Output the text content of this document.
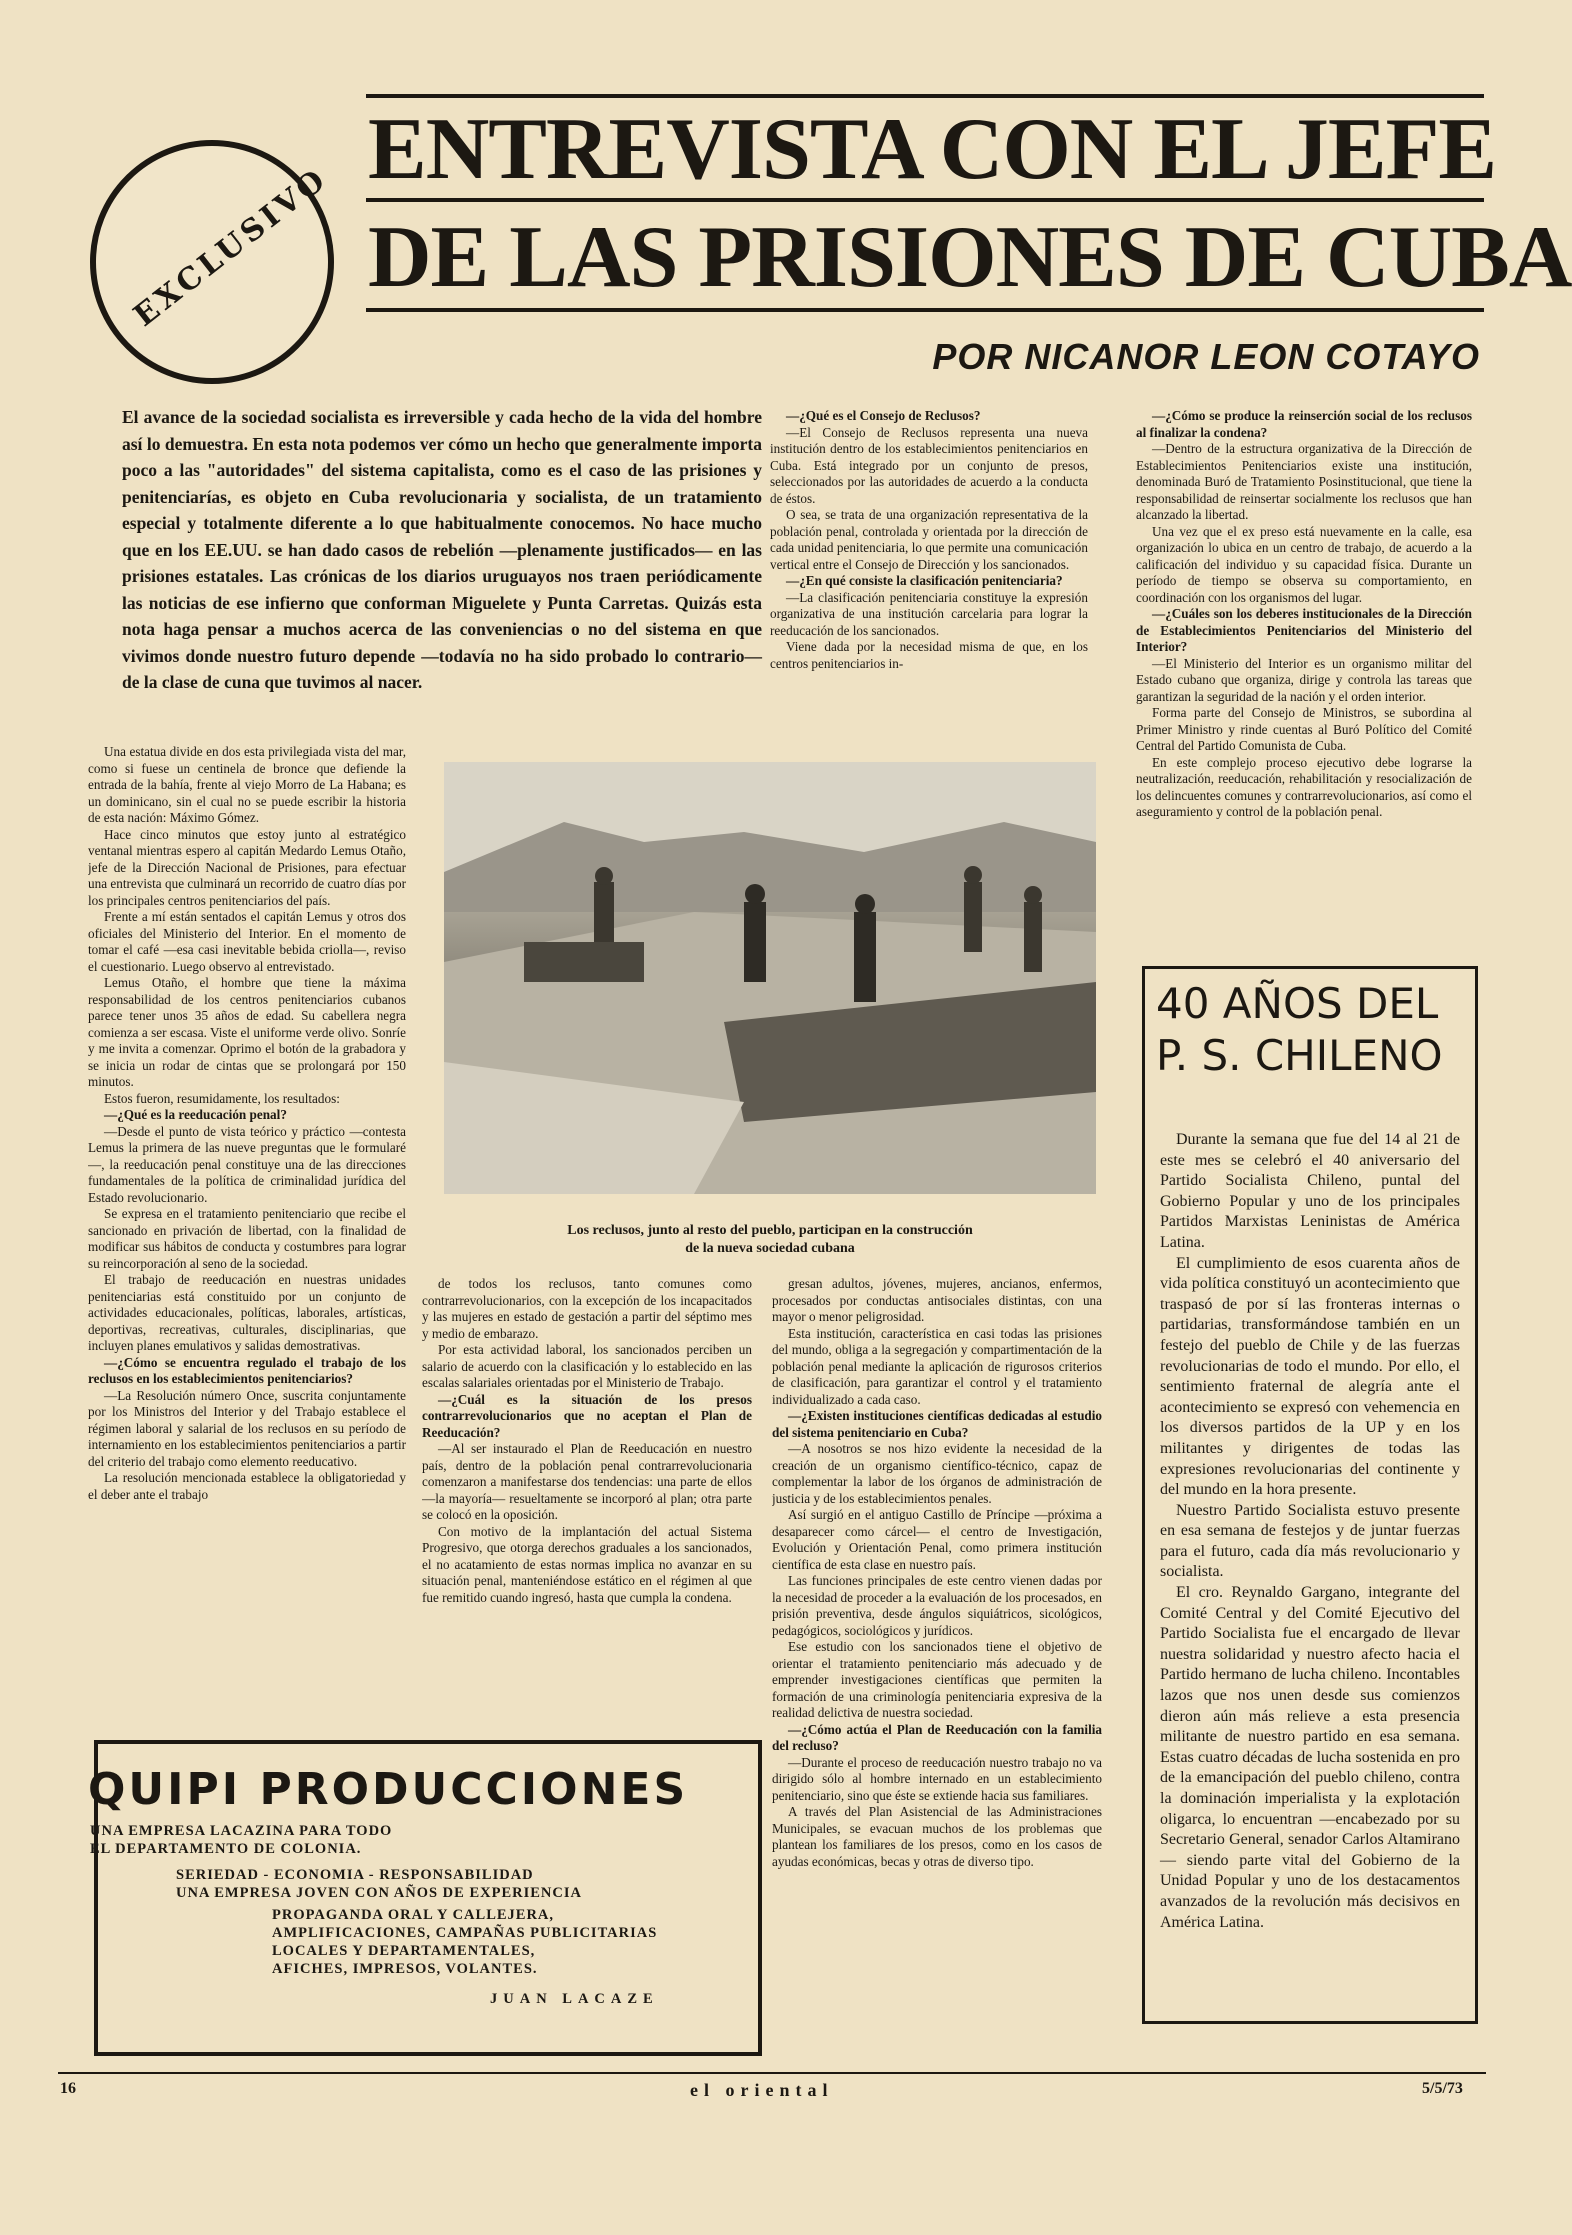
EXCLUSIVO
ENTREVISTA CON EL JEFE
DE LAS PRISIONES DE CUBA
POR NICANOR LEON COTAYO
El avance de la sociedad socialista es irreversible y cada hecho de la vida del hombre así lo demuestra. En esta nota podemos ver cómo un hecho que generalmente importa poco a las "autoridades" del sistema capitalista, como es el caso de las prisiones y penitenciarías, es objeto en Cuba revolucionaria y socialista, de un tratamiento especial y totalmente diferente a lo que habitualmente conocemos. No hace mucho que en los EE.UU. se han dado casos de rebelión —plenamente justificados— en las prisiones estatales. Las crónicas de los diarios uruguayos nos traen periódicamente las noticias de ese infierno que conforman Miguelete y Punta Carretas. Quizás esta nota haga pensar a muchos acerca de las conveniencias o no del sistema en que vivimos donde nuestro futuro depende —todavía no ha sido probado lo contrario— de la clase de cuna que tuvimos al nacer.

Una estatua divide en dos esta privilegiada vista del mar, como si fuese un centinela de bronce que defiende la entrada de la bahía, frente al viejo Morro de La Habana; es un dominicano, sin el cual no se puede escribir la historia de esta nación: Máximo Gómez.

Hace cinco minutos que estoy junto al estratégico ventanal mientras espero al capitán Medardo Lemus Otaño, jefe de la Dirección Nacional de Prisiones, para efectuar una entrevista que culminará un recorrido de cuatro días por los principales centros penitenciarios del país.

Frente a mí están sentados el capitán Lemus y otros dos oficiales del Ministerio del Interior. En el momento de tomar el café —esa casi inevitable bebida criolla—, reviso el cuestionario. Luego observo al entrevistado.

Lemus Otaño, el hombre que tiene la máxima responsabilidad de los centros penitenciarios cubanos parece tener unos 35 años de edad. Su cabellera negra comienza a ser escasa. Viste el uniforme verde olivo. Sonríe y me invita a comenzar. Oprimo el botón de la grabadora y se inicia un rodar de cintas que se prolongará por 150 minutos.

Estos fueron, resumidamente, los resultados:

—¿Qué es la reeducación penal?

—Desde el punto de vista teórico y práctico —contesta Lemus la primera de las nueve preguntas que le formularé—, la reeducación penal constituye una de las direcciones fundamentales de la política de criminalidad jurídica del Estado revolucionario.

Se expresa en el tratamiento penitenciario que recibe el sancionado en privación de libertad, con la finalidad de modificar sus hábitos de conducta y costumbres para lograr su reincorporación al seno de la sociedad.

El trabajo de reeducación en nuestras unidades penitenciarias está constituido por un conjunto de actividades educacionales, políticas, laborales, artísticas, deportivas, recreativas, culturales, disciplinarias, que incluyen planes emulativos y salidas demostrativas.

—¿Cómo se encuentra regulado el trabajo de los reclusos en los establecimientos penitenciarios?

—La Resolución número Once, suscrita conjuntamente por los Ministros del Interior y del Trabajo establece el régimen laboral y salarial de los reclusos en su período de internamiento en los establecimientos penitenciarios a partir del criterio del trabajo como elemento reeducativo.

La resolución mencionada establece la obligatoriedad y el deber ante el trabajo

—¿Qué es el Consejo de Reclusos?

—El Consejo de Reclusos representa una nueva institución dentro de los establecimientos penitenciarios en Cuba. Está integrado por un conjunto de presos, seleccionados por las autoridades de acuerdo a la conducta de éstos.

O sea, se trata de una organización representativa de la población penal, controlada y orientada por la dirección de cada unidad penitenciaria, lo que permite una comunicación vertical entre el Consejo de Dirección y los sancionados.

—¿En qué consiste la clasificación penitenciaria?

—La clasificación penitenciaria constituye la expresión organizativa de una institución carcelaria para lograr la reeducación de los sancionados.

Viene dada por la necesidad misma de que, en los centros penitenciarios in-

Los reclusos, junto al resto del pueblo, participan en la construcción
de la nueva sociedad cubana

de todos los reclusos, tanto comunes como contrarrevolucionarios, con la excepción de los incapacitados y las mujeres en estado de gestación a partir del séptimo mes y medio de embarazo.

Por esta actividad laboral, los sancionados perciben un salario de acuerdo con la clasificación y lo establecido en las escalas salariales orientadas por el Ministerio de Trabajo.

—¿Cuál es la situación de los presos contrarrevolucionarios que no aceptan el Plan de Reeducación?

—Al ser instaurado el Plan de Reeducación en nuestro país, dentro de la población penal contrarrevolucionaria comenzaron a manifestarse dos tendencias: una parte de ellos —la mayoría— resueltamente se incorporó al plan; otra parte se colocó en la oposición.

Con motivo de la implantación del actual Sistema Progresivo, que otorga derechos graduales a los sancionados, el no acatamiento de estas normas implica no avanzar en su situación penal, manteniéndose estático en el régimen al que fue remitido cuando ingresó, hasta que cumpla la condena.

gresan adultos, jóvenes, mujeres, ancianos, enfermos, procesados por conductas antisociales distintas, con una mayor o menor peligrosidad.

Esta institución, característica en casi todas las prisiones del mundo, obliga a la segregación y compartimentación de la población penal mediante la aplicación de rigurosos criterios de clasificación, para garantizar el control y el tratamiento individualizado a cada caso.

—¿Existen instituciones científicas dedicadas al estudio del sistema penitenciario en Cuba?

—A nosotros se nos hizo evidente la necesidad de la creación de un organismo científico-técnico, capaz de complementar la labor de los órganos de administración de justicia y de los establecimientos penales.

Así surgió en el antiguo Castillo de Príncipe —próxima a desaparecer como cárcel— el centro de Investigación, Evolución y Orientación Penal, como primera institución científica de esta clase en nuestro país.

Las funciones principales de este centro vienen dadas por la necesidad de proceder a la evaluación de los procesados, en prisión preventiva, desde ángulos siquiátricos, sicológicos, pedagógicos, sociológicos y jurídicos.

Ese estudio con los sancionados tiene el objetivo de orientar el tratamiento penitenciario más adecuado y de emprender investigaciones científicas que permiten la formación de una criminología penitenciaria expresiva de la realidad delictiva de nuestra sociedad.

—¿Cómo actúa el Plan de Reeducación con la familia del recluso?

—Durante el proceso de reeducación nuestro trabajo no va dirigido sólo al hombre internado en un establecimiento penitenciario, sino que éste se extiende hacia sus familiares.

A través del Plan Asistencial de las Administraciones Municipales, se evacuan muchos de los problemas que plantean los familiares de los presos, como en los casos de ayudas económicas, becas y otras de diverso tipo.

—¿Cómo se produce la reinserción social de los reclusos al finalizar la condena?

—Dentro de la estructura organizativa de la Dirección de Establecimientos Penitenciarios existe una institución, denominada Buró de Tratamiento Posinstitucional, que tiene la responsabilidad de reinsertar socialmente los reclusos que han alcanzado la libertad.

Una vez que el ex preso está nuevamente en la calle, esa organización lo ubica en un centro de trabajo, de acuerdo a la calificación del individuo y su capacidad física. Durante un período de tiempo se observa su comportamiento, en coordinación con los organismos del lugar.

—¿Cuáles son los deberes institucionales de la Dirección de Establecimientos Penitenciarios del Ministerio del Interior?

—El Ministerio del Interior es un organismo militar del Estado cubano que organiza, dirige y controla las tareas que garantizan la seguridad de la nación y el orden interior.

Forma parte del Consejo de Ministros, se subordina al Primer Ministro y rinde cuentas al Buró Político del Comité Central del Partido Comunista de Cuba.

En este complejo proceso ejecutivo debe lograrse la neutralización, reeducación, rehabilitación y resocialización de los delincuentes comunes y contrarrevolucionarios, así como el aseguramiento y control de la población penal.

QUIPI PRODUCCIONES
UNA EMPRESA LACAZINA PARA TODO
EL DEPARTAMENTO DE COLONIA.
SERIEDAD - ECONOMIA - RESPONSABILIDAD
UNA EMPRESA JOVEN CON AÑOS DE EXPERIENCIA
PROPAGANDA ORAL Y CALLEJERA,
AMPLIFICACIONES, CAMPAÑAS PUBLICITARIAS
LOCALES Y DEPARTAMENTALES,
AFICHES, IMPRESOS, VOLANTES.
JUAN LACAZE
40 AÑOS DEL
P. S. CHILENO

Durante la semana que fue del 14 al 21 de este mes se celebró el 40 aniversario del Partido Socialista Chileno, puntal del Gobierno Popular y uno de los principales Partidos Marxistas Leninistas de América Latina.

El cumplimiento de esos cuarenta años de vida política constituyó un acontecimiento que traspasó de por sí las fronteras internas o partidarias, transformándose también en un festejo del pueblo de Chile y de las fuerzas revolucionarias de todo el mundo. Por ello, el sentimiento fraternal de alegría ante el acontecimiento se expresó con vehemencia en los diversos partidos de la UP y en los militantes y dirigentes de todas las expresiones revolucionarias del continente y del mundo en la hora presente.

Nuestro Partido Socialista estuvo presente en esa semana de festejos y de juntar fuerzas para el futuro, cada día más revolucionario y socialista.

El cro. Reynaldo Gargano, integrante del Comité Central y del Comité Ejecutivo del Partido Socialista fue el encargado de llevar nuestra solidaridad y nuestro afecto hacia el Partido hermano de lucha chileno. Incontables lazos que nos unen desde sus comienzos dieron aún más relieve a esta presencia militante de nuestro partido en esa semana. Estas cuatro décadas de lucha sostenida en pro de la emancipación del pueblo chileno, contra la dominación imperialista y la explotación oligarca, lo encuentran —encabezado por su Secretario General, senador Carlos Altamirano— siendo parte vital del Gobierno de la Unidad Popular y uno de los destacamentos avanzados de la revolución más decisivos en América Latina.

16	el oriental	5/5/73
